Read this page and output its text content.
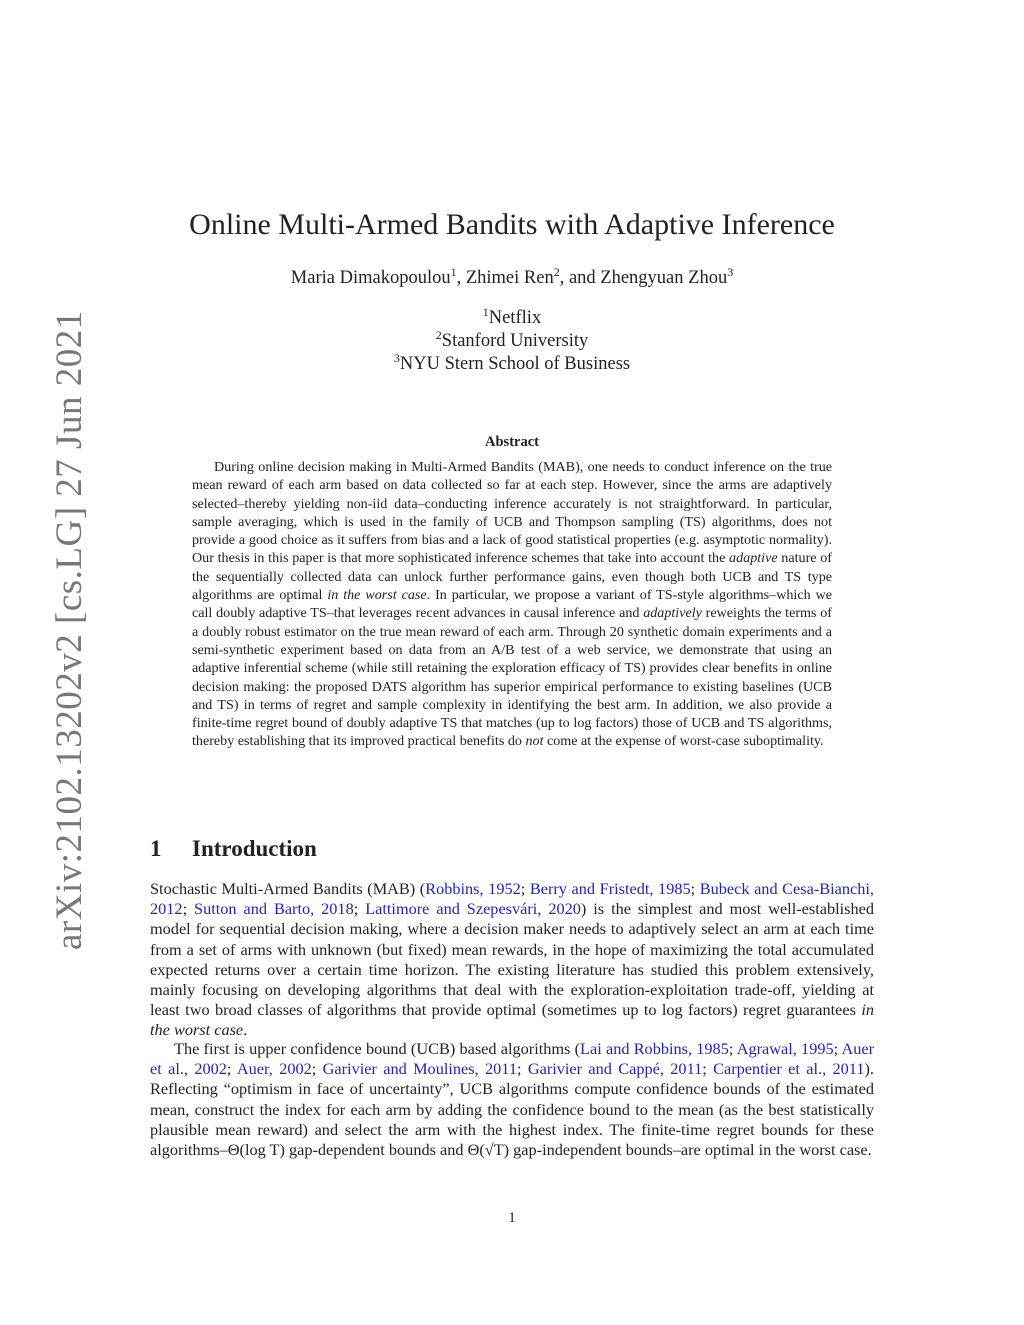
arXiv:2102.13202v2 [cs.LG] 27 Jun 2021
Online Multi-Armed Bandits with Adaptive Inference
Maria Dimakopoulou$^1$, Zhimei Ren$^2$, and Zhengyuan Zhou$^3$
$^1$Netflix
$^2$Stanford University
$^3$NYU Stern School of Business
Abstract
During online decision making in Multi-Armed Bandits (MAB), one needs to conduct inference on the true mean reward of each arm based on data collected so far at each step. However, since the arms are adaptively selected–thereby yielding non-iid data–conducting inference accurately is not straightforward. In particular, sample averaging, which is used in the family of UCB and Thompson sampling (TS) algorithms, does not provide a good choice as it suffers from bias and a lack of good statistical properties (e.g. asymptotic normality). Our thesis in this paper is that more sophisticated inference schemes that take into account the adaptive nature of the sequentially collected data can unlock further performance gains, even though both UCB and TS type algorithms are optimal in the worst case. In particular, we propose a variant of TS-style algorithms–which we call doubly adaptive TS–that leverages recent advances in causal inference and adaptively reweights the terms of a doubly robust estimator on the true mean reward of each arm. Through 20 synthetic domain experiments and a semi-synthetic experiment based on data from an A/B test of a web service, we demonstrate that using an adaptive inferential scheme (while still retaining the exploration efficacy of TS) provides clear benefits in online decision making: the proposed DATS algorithm has superior empirical performance to existing baselines (UCB and TS) in terms of regret and sample complexity in identifying the best arm. In addition, we also provide a finite-time regret bound of doubly adaptive TS that matches (up to log factors) those of UCB and TS algorithms, thereby establishing that its improved practical benefits do not come at the expense of worst-case suboptimality.
1 Introduction
Stochastic Multi-Armed Bandits (MAB) (Robbins, 1952; Berry and Fristedt, 1985; Bubeck and Cesa-Bianchi, 2012; Sutton and Barto, 2018; Lattimore and Szepesvári, 2020) is the simplest and most well-established model for sequential decision making, where a decision maker needs to adaptively select an arm at each time from a set of arms with unknown (but fixed) mean rewards, in the hope of maximizing the total accumulated expected returns over a certain time horizon. The existing literature has studied this problem extensively, mainly focusing on developing algorithms that deal with the exploration-exploitation trade-off, yielding at least two broad classes of algorithms that provide optimal (sometimes up to log factors) regret guarantees in the worst case.
The first is upper confidence bound (UCB) based algorithms (Lai and Robbins, 1985; Agrawal, 1995; Auer et al., 2002; Auer, 2002; Garivier and Moulines, 2011; Garivier and Cappé, 2011; Carpentier et al., 2011). Reflecting “optimism in face of uncertainty”, UCB algorithms compute confidence bounds of the estimated mean, construct the index for each arm by adding the confidence bound to the mean (as the best statistically plausible mean reward) and select the arm with the highest index. The finite-time regret bounds for these algorithms–Θ(log T) gap-dependent bounds and Θ(√T) gap-independent bounds–are optimal in the worst case.
1
